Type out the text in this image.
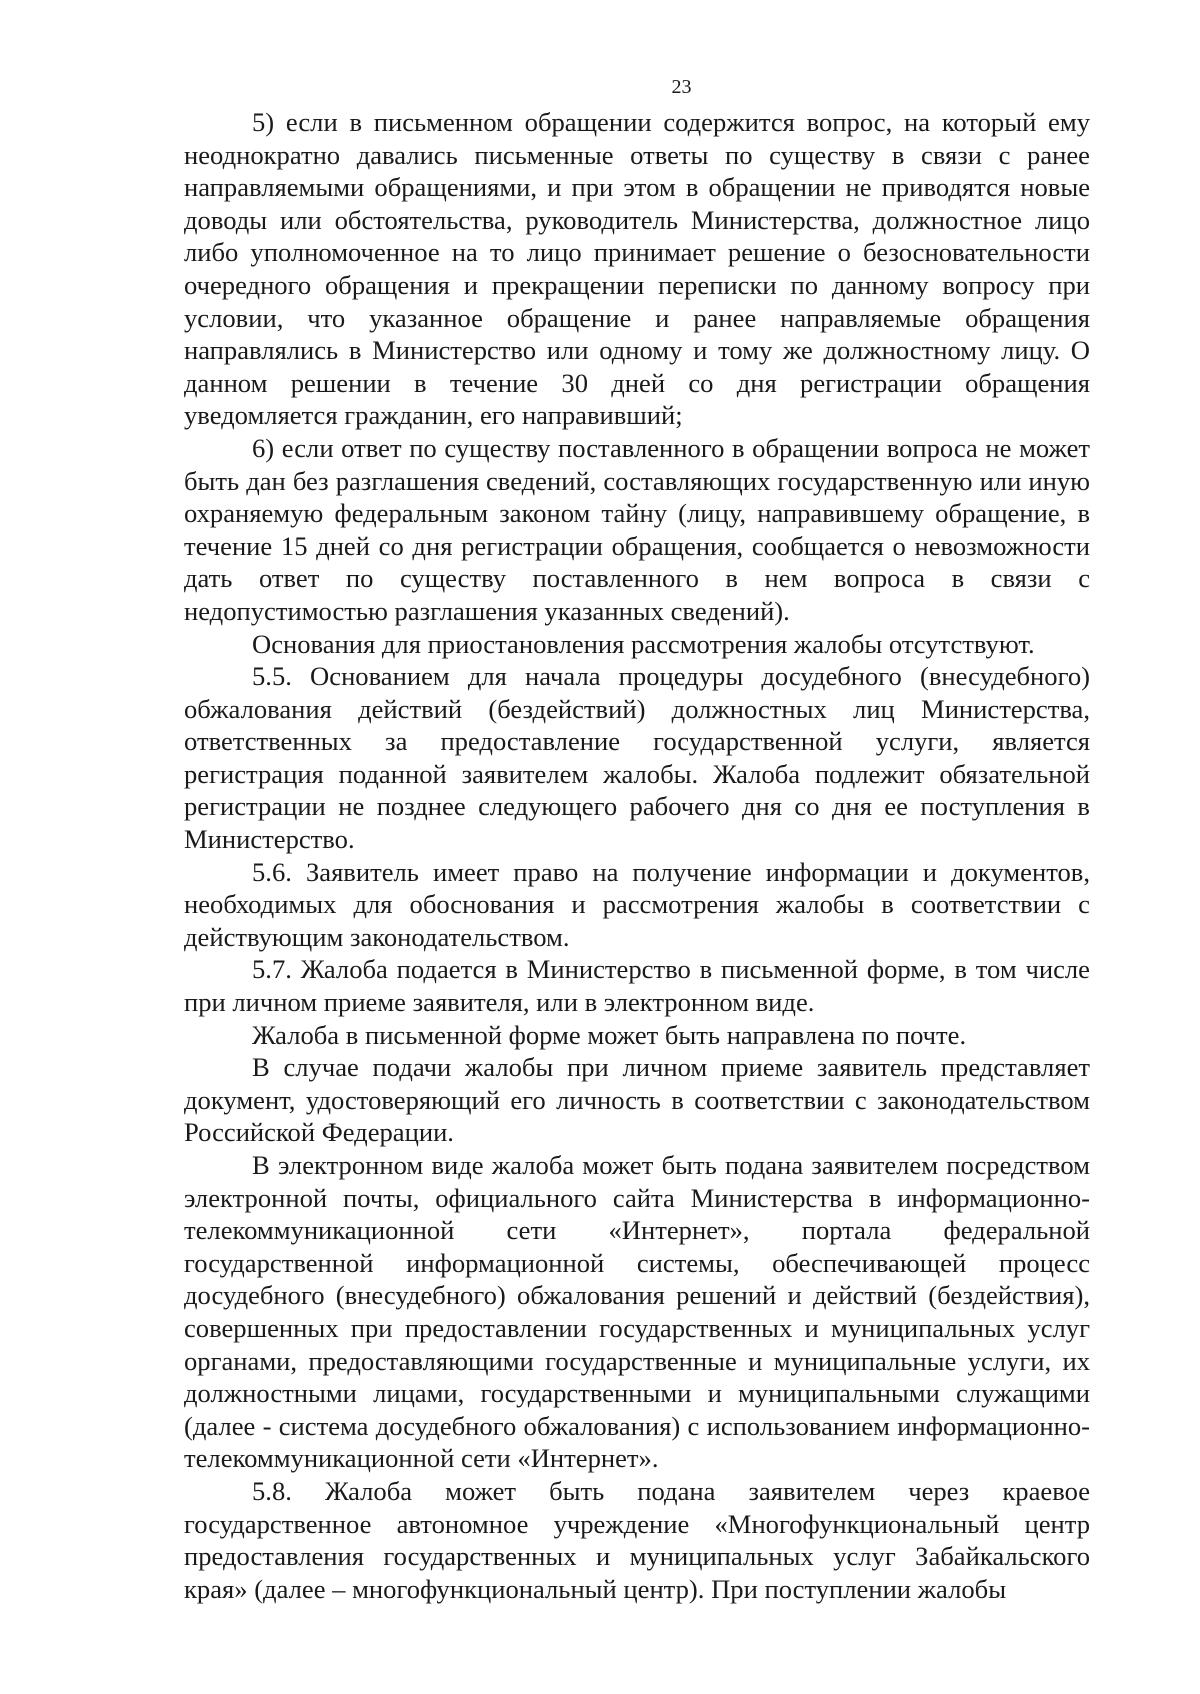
23

5) если в письменном обращении содержится вопрос, на который ему неоднократно давались письменные ответы по существу в связи с ранее направляемыми обращениями, и при этом в обращении не приводятся новые доводы или обстоятельства, руководитель Министерства, должностное лицо либо уполномоченное на то лицо принимает решение о безосновательности очередного обращения и прекращении переписки по данному вопросу при условии, что указанное обращение и ранее направляемые обращения направлялись в Министерство или одному и тому же должностному лицу. О данном решении в течение 30 дней со дня регистрации обращения уведомляется гражданин, его направивший;

6) если ответ по существу поставленного в обращении вопроса не может быть дан без разглашения сведений, составляющих государственную или иную охраняемую федеральным законом тайну (лицу, направившему обращение, в течение 15 дней со дня регистрации обращения, сообщается о невозможности дать ответ по существу поставленного в нем вопроса в связи с недопустимостью разглашения указанных сведений).

Основания для приостановления рассмотрения жалобы отсутствуют.

5.5. Основанием для начала процедуры досудебного (внесудебного) обжалования действий (бездействий) должностных лиц Министерства, ответственных за предоставление государственной услуги, является регистрация поданной заявителем жалобы. Жалоба подлежит обязательной регистрации не позднее следующего рабочего дня со дня ее поступления в Министерство.

5.6. Заявитель имеет право на получение информации и документов, необходимых для обоснования и рассмотрения жалобы в соответствии с действующим законодательством.

5.7. Жалоба подается в Министерство в письменной форме, в том числе при личном приеме заявителя, или в электронном виде.

Жалоба в письменной форме может быть направлена по почте.

В случае подачи жалобы при личном приеме заявитель представляет документ, удостоверяющий его личность в соответствии с законодательством Российской Федерации.

В электронном виде жалоба может быть подана заявителем посредством электронной почты, официального сайта Министерства в информационно-телекоммуникационной сети «Интернет», портала федеральной государственной информационной системы, обеспечивающей процесс досудебного (внесудебного) обжалования решений и действий (бездействия), совершенных при предоставлении государственных и муниципальных услуг органами, предоставляющими государственные и муниципальные услуги, их должностными лицами, государственными и муниципальными служащими (далее - система досудебного обжалования) с использованием информационно-телекоммуникационной сети «Интернет».

5.8. Жалоба может быть подана заявителем через краевое государственное автономное учреждение «Многофункциональный центр предоставления государственных и муниципальных услуг Забайкальского края» (далее – многофункциональный центр). При поступлении жалобы
